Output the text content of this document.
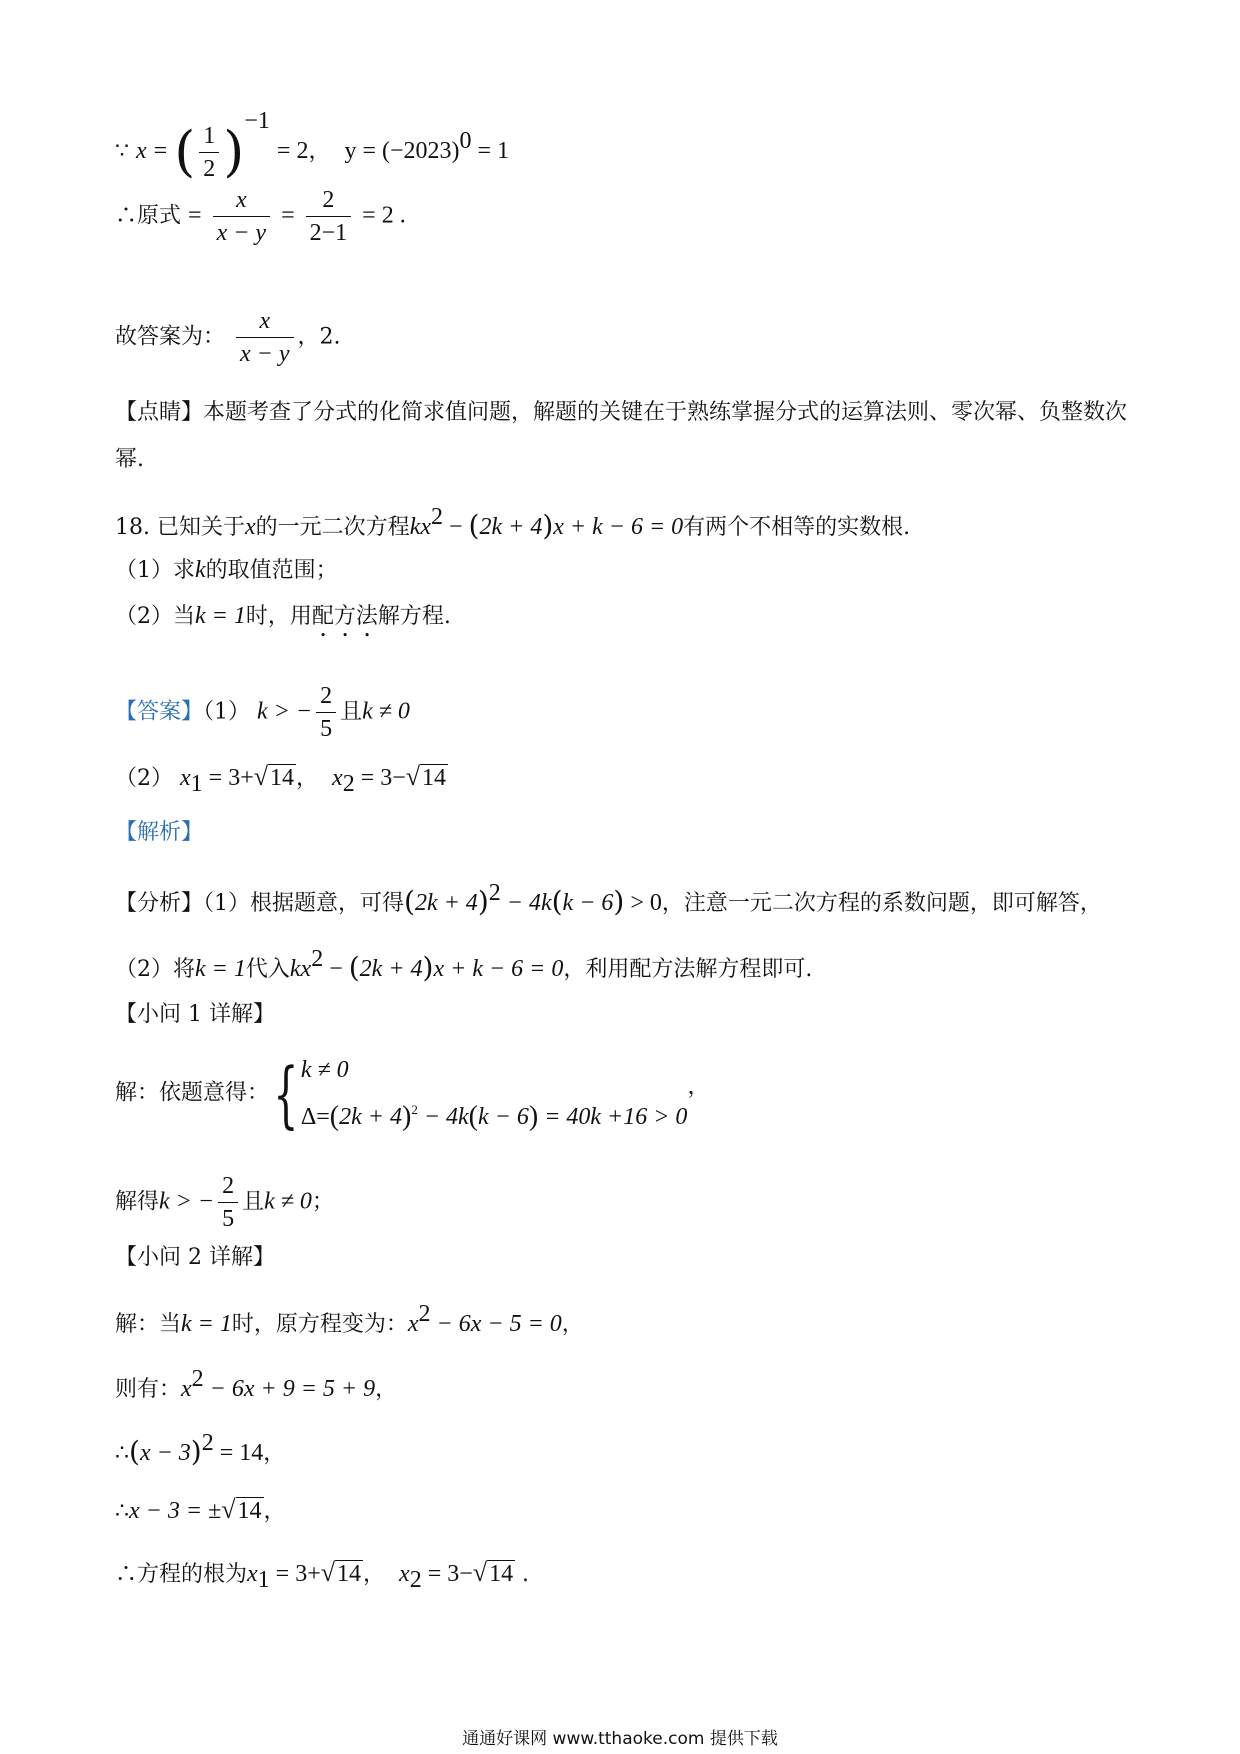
∵ x = ( $\frac{1}{2} )^{-1} = 2$， $y = (-2023)^0 = 1$
∴原式 = $\frac{x}{x - y} = \frac{2}{2-1} = 2$ .
故答案为： $\frac{x}{x - y}$ ，2.
【点睛】本题考查了分式的化简求值问题，解题的关键在于熟练掌握分式的运算法则、零次幂、负整数次
幂.
18. 已知关于x的一元二次方程$kx^2 - (2k + 4)x + k - 6 = 0$有两个不相等的实数根.
（1）求k的取值范围；
（2）当k = 1时，用配方法解方程.
【答案】（1） k > − $\frac{2}{5}$ 且k ≠ 0
（2） $x_1 = 3+√14$， $x_2 = 3-√14$
【解析】
【分析】（1）根据题意，可得$(2k + 4)^2 - 4k(k - 6) > 0$，注意一元二次方程的系数问题，即可解答，
（2）将k = 1代入$kx^2 - (2k + 4)x + k - 6 = 0$，利用配方法解方程即可.
【小问 1 详解】
解：依题意得：{ k ≠ 0
$\Delta=(2k + 4)^2 - 4k(k - 6) = 40k +16 > 0$
，
解得k > − $\frac{2}{5}$ 且k ≠ 0；
【小问 2 详解】
解：当k = 1时，原方程变为：$x^2 - 6x - 5 = 0$，
则有：$x^2 - 6x + 9 = 5 + 9$，
∴(x − 3)$^2$ = 14，
∴x − 3 = ±√14，
∴方程的根为$x_1 = 3+√14$， $x_2 = 3-√14$ .
通通好课网 www.tthaoke.com 提供下载
